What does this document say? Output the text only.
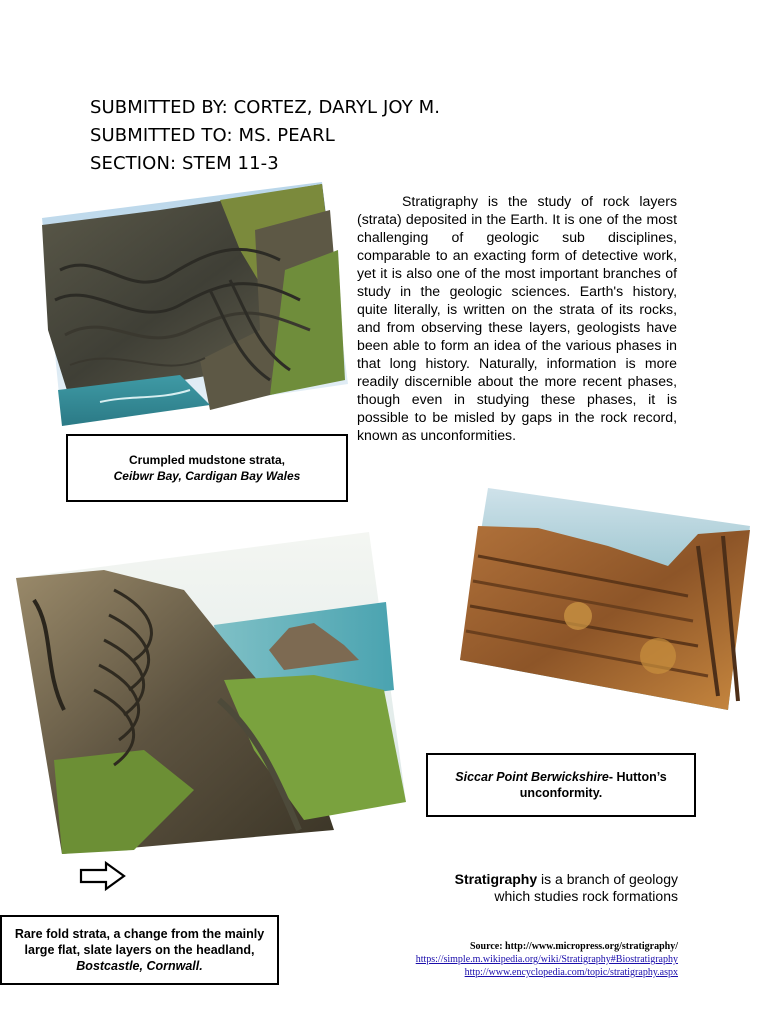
SUBMITTED BY: CORTEZ, DARYL JOY M.
SUBMITTED TO: MS. PEARL
SECTION: STEM 11-3
Stratigraphy is the study of rock layers (strata) deposited in the Earth. It is one of the most challenging of geologic sub disciplines, comparable to an exacting form of detective work, yet it is also one of the most important branches of study in the geologic sciences. Earth's history, quite literally, is written on the strata of its rocks, and from observing these layers, geologists have been able to form an idea of the various phases in that long history. Naturally, information is more readily discernible about the more recent phases, though even in studying these phases, it is possible to be misled by gaps in the rock record, known as unconformities.
Crumpled mudstone strata,
Ceibwr Bay, Cardigan Bay Wales
Siccar Point Berwickshire- Hutton’s
unconformity.
Stratigraphy is a branch of geology
which studies rock formations
Rare fold strata, a change from the mainly
large flat, slate layers on the headland,
Bostcastle, Cornwall.
Source: http://www.micropress.org/stratigraphy/
https://simple.m.wikipedia.org/wiki/Stratigraphy#Biostratigraphy
http://www.encyclopedia.com/topic/stratigraphy.aspx
